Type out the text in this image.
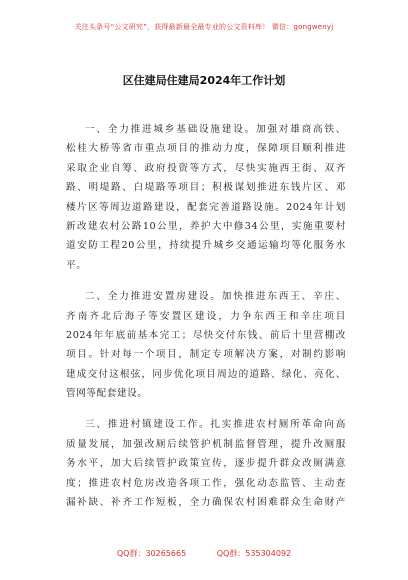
关注头条号“公文研究”，获得最新最全最专业的公文资料库！ 微信：gongwenyj
区住建局住建局2024年工作计划
一、全力推进城乡基础设施建设。加强对雄商高铁、
松桂大桥等省市重点项目的推动力度，保障项目顺利推进
采取企业自筹、政府投资等方式，尽快实施西王街、双齐
路、明堤路、白堤路等项目；积极谋划推进东钱片区、邓
楼片区等周边道路建设，配套完善道路设施。2024年计划
新改建农村公路10公里，养护大中修34公里，实施重要村
道安防工程20公里，持续提升城乡交通运输均等化服务水
平。
二、全力推进安置房建设。加快推进东西王、辛庄、
齐南齐北后海子等安置区建设，力争东西王和辛庄项目
2024年年底前基本完工；尽快交付东钱、前后十里营棚改
项目。针对每一个项目，制定专项解决方案，对制约影响
建成交付这根弦，同步优化项目周边的道路、绿化、亮化、
管网等配套建设。
三、推进村镇建设工作。扎实推进农村厕所革命向高
质量发展，加强改厕后续管护机制监督管理，提升改厕服
务水平，加大后续管护政策宣传，逐步提升群众改厕满意
度；推进农村危房改造各项工作，强化动态监管、主动查
漏补缺、补齐工作短板，全力确保农村困难群众生命财产
QQ群：30265665	QQ群：535304092
